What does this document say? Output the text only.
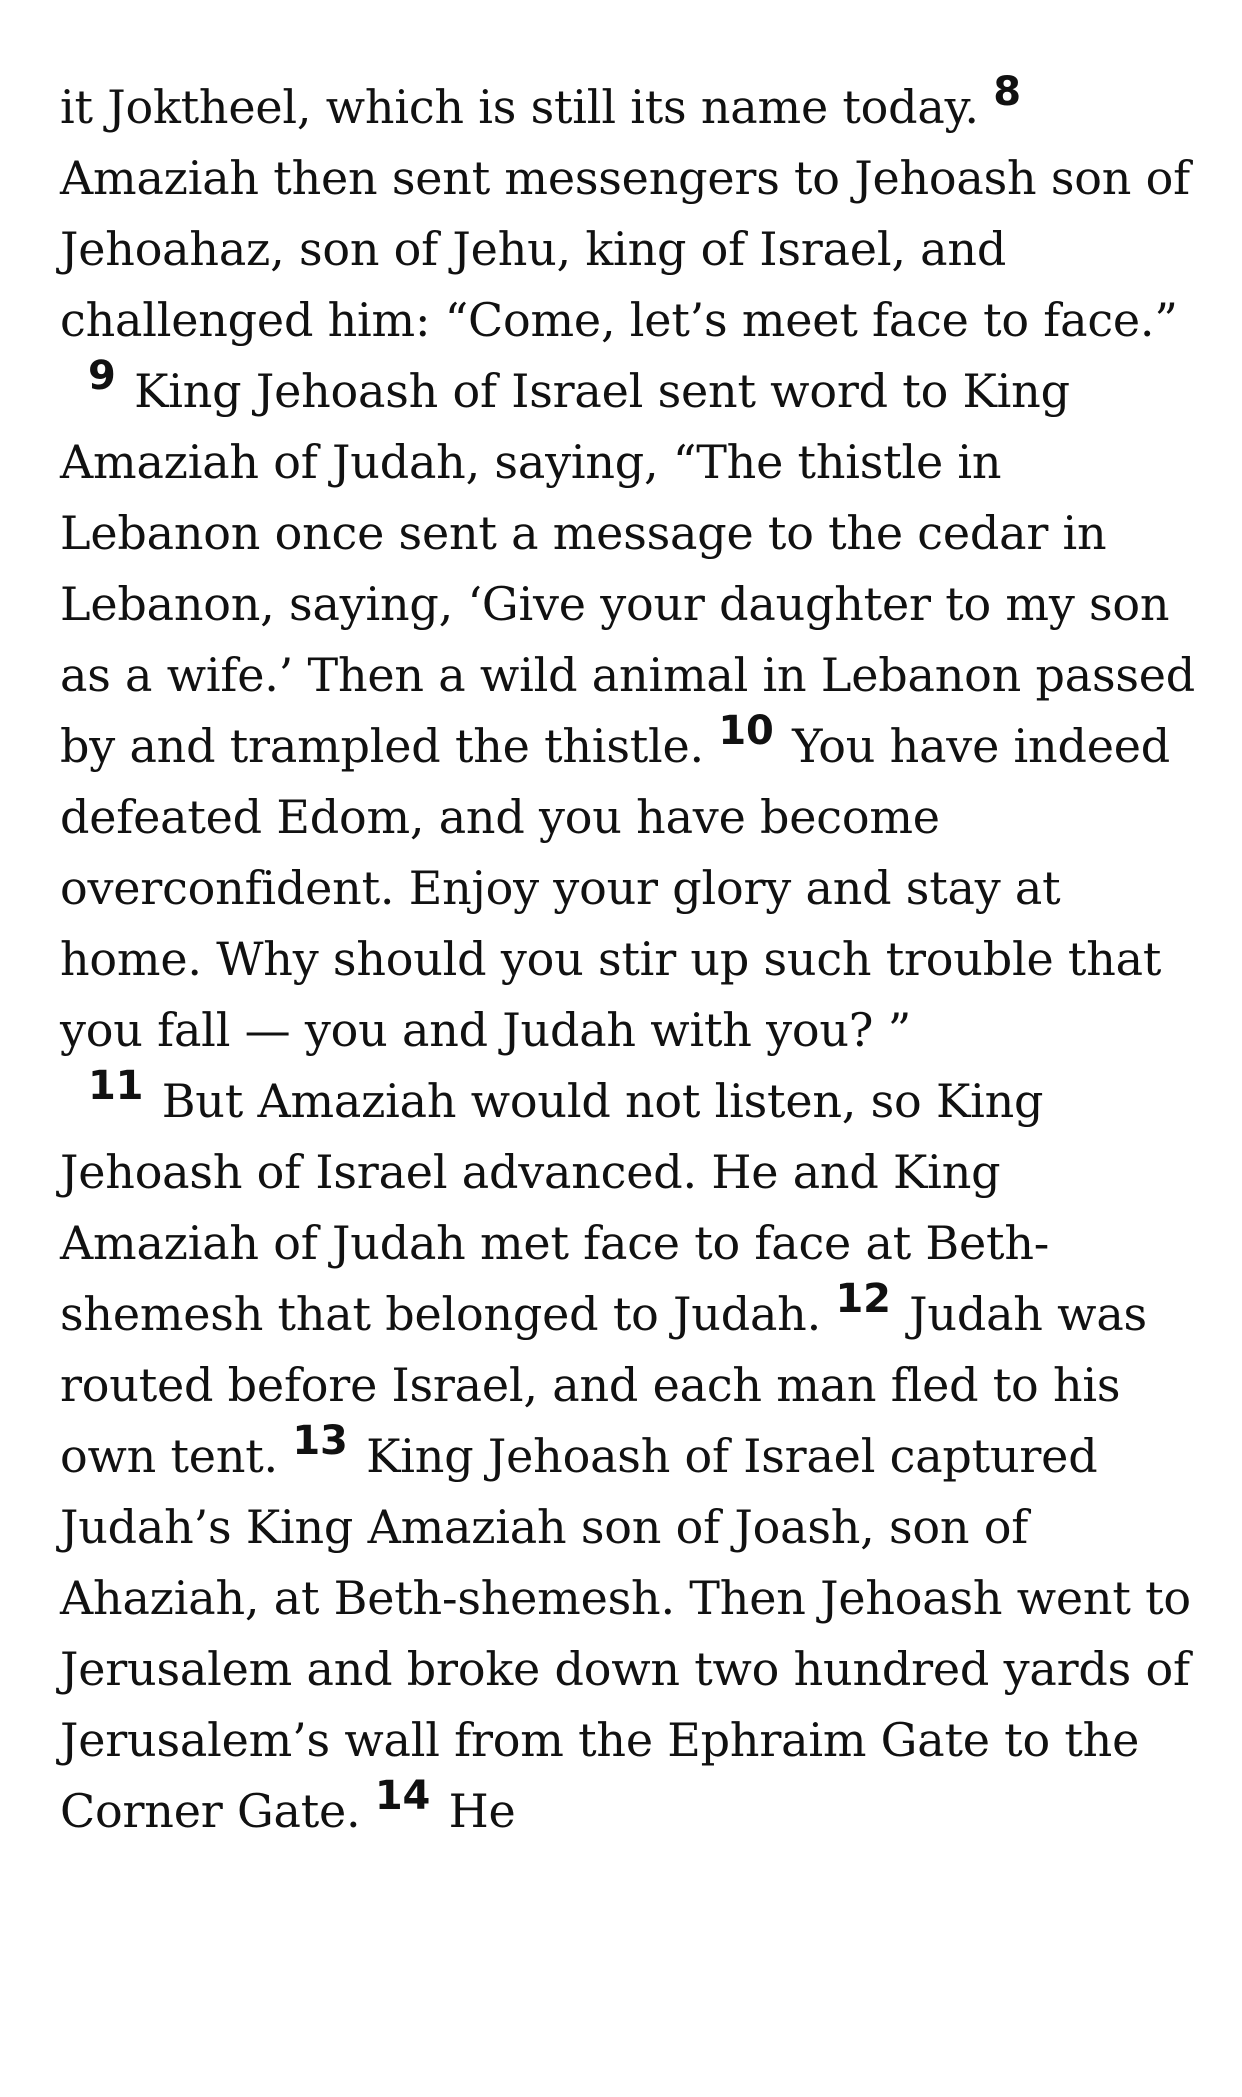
it Joktheel, which is still its name today. 8 Amaziah then sent messengers to Jehoash son of Jehoahaz, son of Jehu, king of Israel, and challenged him: “Come, let’s meet face to face.”

9 King Jehoash of Israel sent word to King Amaziah of Judah, saying, “The thistle in Lebanon once sent a message to the cedar in Lebanon, saying, ‘Give your daughter to my son as a wife.’ Then a wild animal in Lebanon passed by and trampled the thistle. 10 You have indeed defeated Edom, and you have become overconfident. Enjoy your glory and stay at home. Why should you stir up such trouble that you fall — you and Judah with you? ”

11 But Amaziah would not listen, so King Jehoash of Israel advanced. He and King Amaziah of Judah met face to face at Beth-shemesh that belonged to Judah. 12 Judah was routed before Israel, and each man fled to his own tent. 13 King Jehoash of Israel captured Judah’s King Amaziah son of Joash, son of Ahaziah, at Beth-shemesh. Then Jehoash went to Jerusalem and broke down two hundred yards of Jerusalem’s wall from the Ephraim Gate to the Corner Gate. 14 He
